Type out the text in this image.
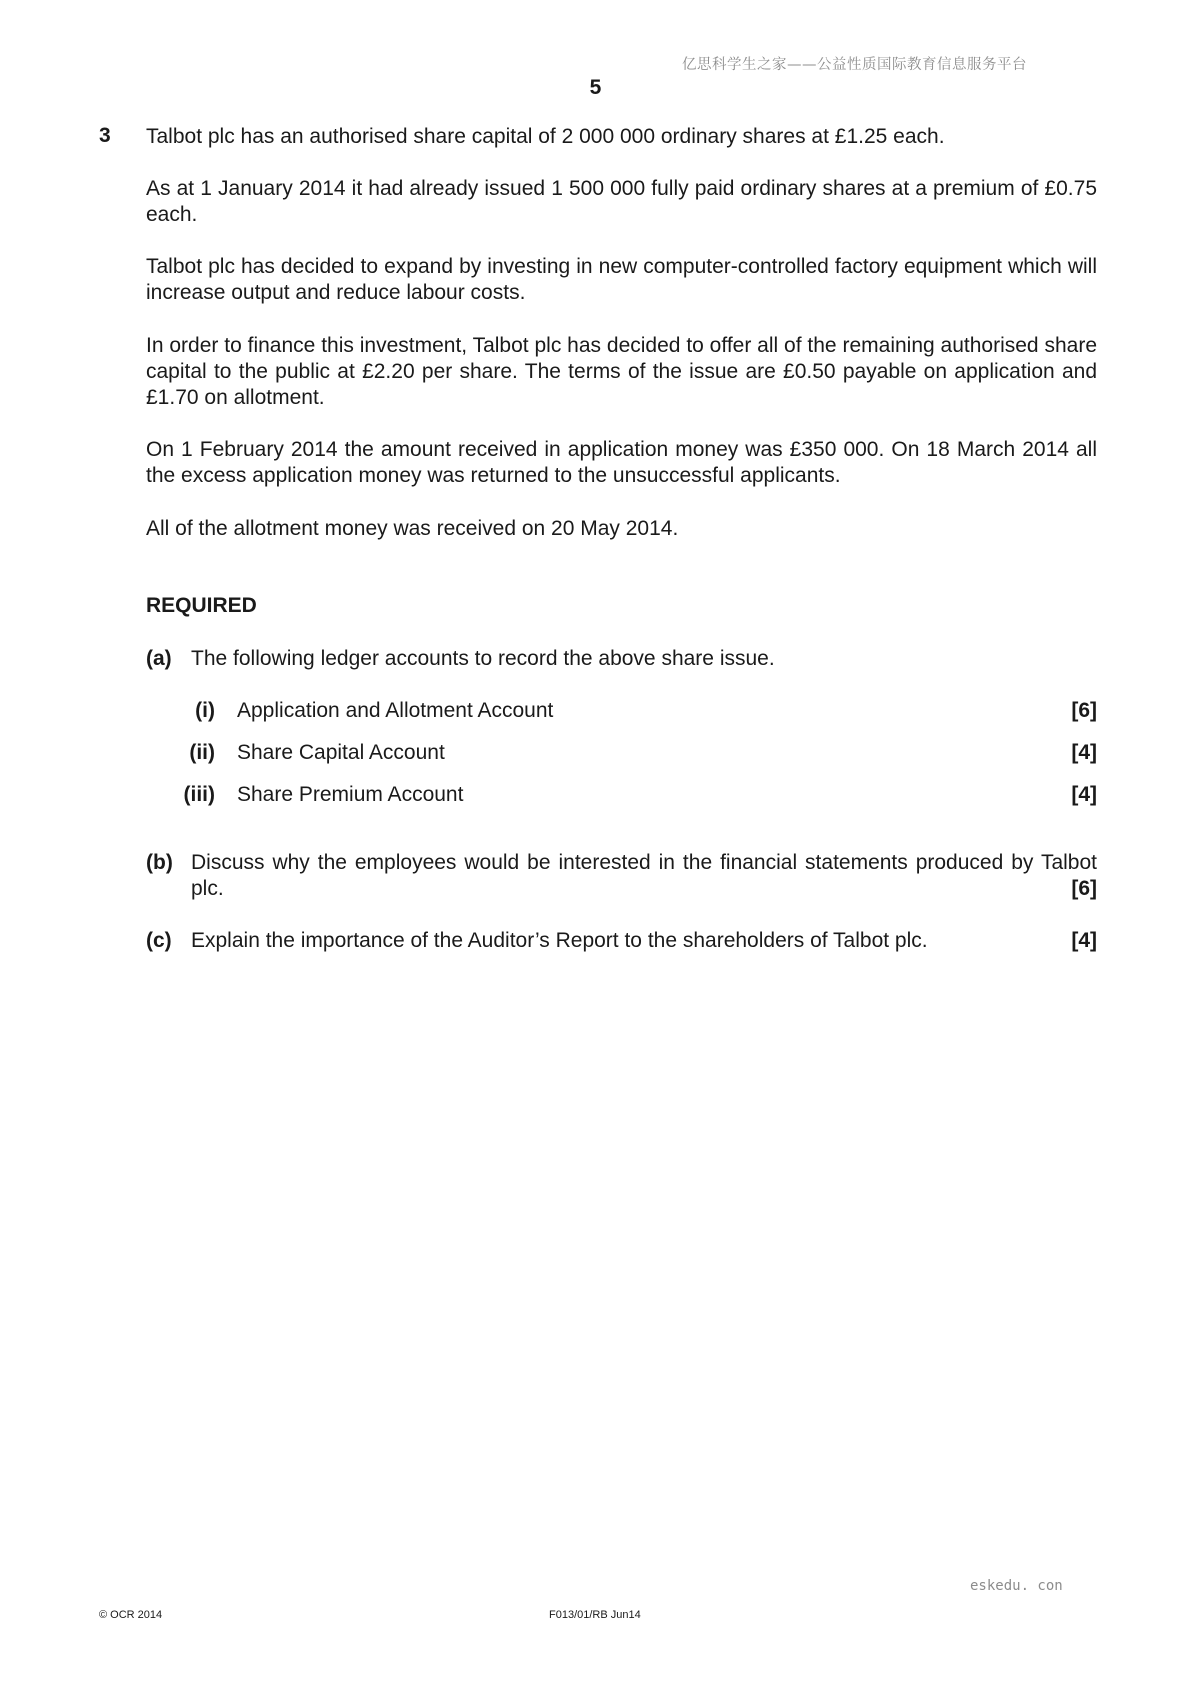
亿思科学生之家——公益性质国际教育信息服务平台
5
3 Talbot plc has an authorised share capital of 2 000 000 ordinary shares at £1.25 each.

As at 1 January 2014 it had already issued 1 500 000 fully paid ordinary shares at a premium of £0.75 each.

Talbot plc has decided to expand by investing in new computer-controlled factory equipment which will increase output and reduce labour costs.

In order to finance this investment, Talbot plc has decided to offer all of the remaining authorised share capital to the public at £2.20 per share. The terms of the issue are £0.50 payable on application and £1.70 on allotment.

On 1 February 2014 the amount received in application money was £350 000. On 18 March 2014 all the excess application money was returned to the unsuccessful applicants.

All of the allotment money was received on 20 May 2014.

REQUIRED
(a) The following ledger accounts to record the above share issue.
(i) Application and Allotment Account	[6]
(ii) Share Capital Account	[4]
(iii) Share Premium Account	[4]
(b) Discuss why the employees would be interested in the financial statements produced by Talbot plc.	[6]
(c) Explain the importance of the Auditor’s Report to the shareholders of Talbot plc.	[4]
eskedu. con
© OCR 2014	F013/01/RB Jun14
